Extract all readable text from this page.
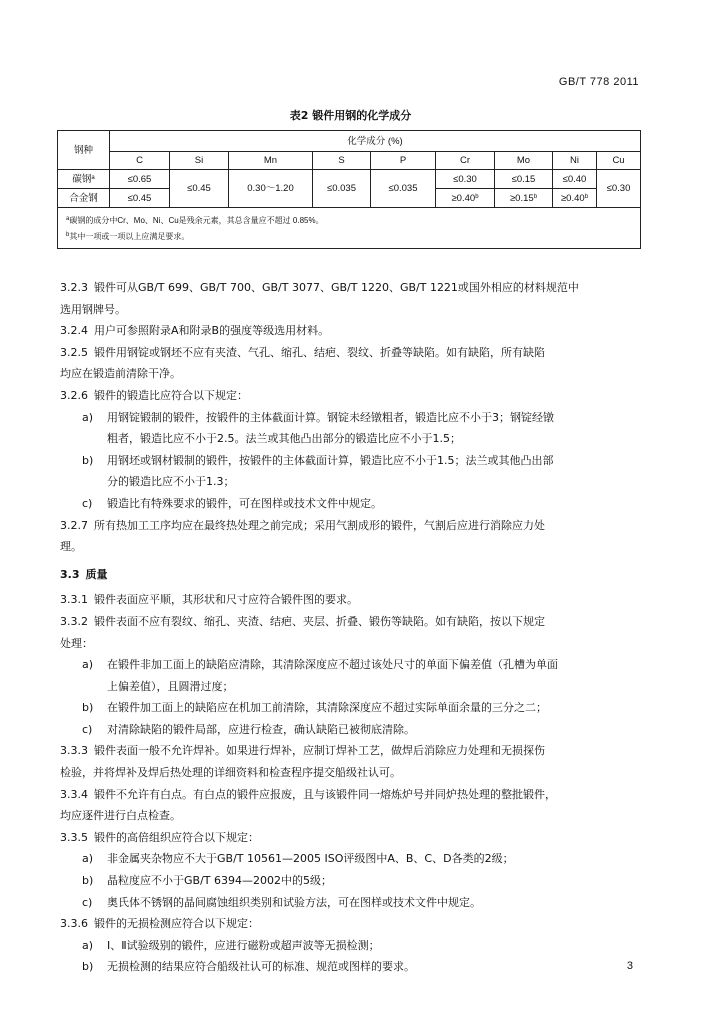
GB/T 778 2011
表2 锻件用钢的化学成分
钢种	化学成分 (%)								
	C	Si	Mn	S	P	Cr	Mo	Ni	Cu
碳钢$^a$	≤0.65	≤0.45	0.30～1.20	≤0.035	≤0.035	≤0.30	≤0.15	≤0.40	≤0.30
合金钢	≤0.45					≥0.40$^b$	≥0.15$^b$	≥0.40$^b$

$^a$碳钢的成分中Cr、Mo、Ni、Cu是残余元素，其总含量应不超过 0.85%。
$^b$其中一项或一项以上应满足要求。									

3.2.3 锻件可从GB/T 699、GB/T 700、GB/T 3077、GB/T 1220、GB/T 1221或国外相应的材料规范中

选用钢牌号。

3.2.4 用户可参照附录A和附录B的强度等级选用材料。

3.2.5 锻件用钢锭或钢坯不应有夹渣、气孔、缩孔、结疤、裂纹、折叠等缺陷。如有缺陷，所有缺陷

均应在锻造前清除干净。

3.2.6 锻件的锻造比应符合以下规定：

a) 用钢锭锻制的锻件，按锻件的主体截面计算。钢锭未经镦粗者，锻造比应不小于3；钢锭经镦

粗者，锻造比应不小于2.5。法兰或其他凸出部分的锻造比应不小于1.5；

b) 用钢坯或钢材锻制的锻件，按锻件的主体截面计算，锻造比应不小于1.5；法兰或其他凸出部

分的锻造比应不小于1.3；

c) 锻造比有特殊要求的锻件，可在图样或技术文件中规定。

3.2.7 所有热加工工序均应在最终热处理之前完成；采用气割成形的锻件，气割后应进行消除应力处

理。

3.3 质量

3.3.1 锻件表面应平顺，其形状和尺寸应符合锻件图的要求。

3.3.2 锻件表面不应有裂纹、缩孔、夹渣、结疤、夹层、折叠、锻伤等缺陷。如有缺陷，按以下规定

处理：

a) 在锻件非加工面上的缺陷应清除，其清除深度应不超过该处尺寸的单面下偏差值（孔槽为单面

上偏差值），且圆滑过度；

b) 在锻件加工面上的缺陷应在机加工前清除，其清除深度应不超过实际单面余量的三分之二；

c) 对清除缺陷的锻件局部，应进行检查，确认缺陷已被彻底清除。

3.3.3 锻件表面一般不允许焊补。如果进行焊补，应制订焊补工艺，做焊后消除应力处理和无损探伤

检验，并将焊补及焊后热处理的详细资料和检查程序提交船级社认可。

3.3.4 锻件不允许有白点。有白点的锻件应报废，且与该锻件同一熔炼炉号并同炉热处理的整批锻件，

均应逐件进行白点检查。

3.3.5 锻件的高倍组织应符合以下规定：

a) 非金属夹杂物应不大于GB/T 10561—2005 ISO评级图中A、B、C、D各类的2级；

b) 晶粒度应不小于GB/T 6394—2002中的5级；

c) 奥氏体不锈钢的晶间腐蚀组织类别和试验方法，可在图样或技术文件中规定。

3.3.6 锻件的无损检测应符合以下规定：

a) Ⅰ、Ⅱ试验级别的锻件，应进行磁粉或超声波等无损检测；

b) 无损检测的结果应符合船级社认可的标准、规范或图样的要求。	3
